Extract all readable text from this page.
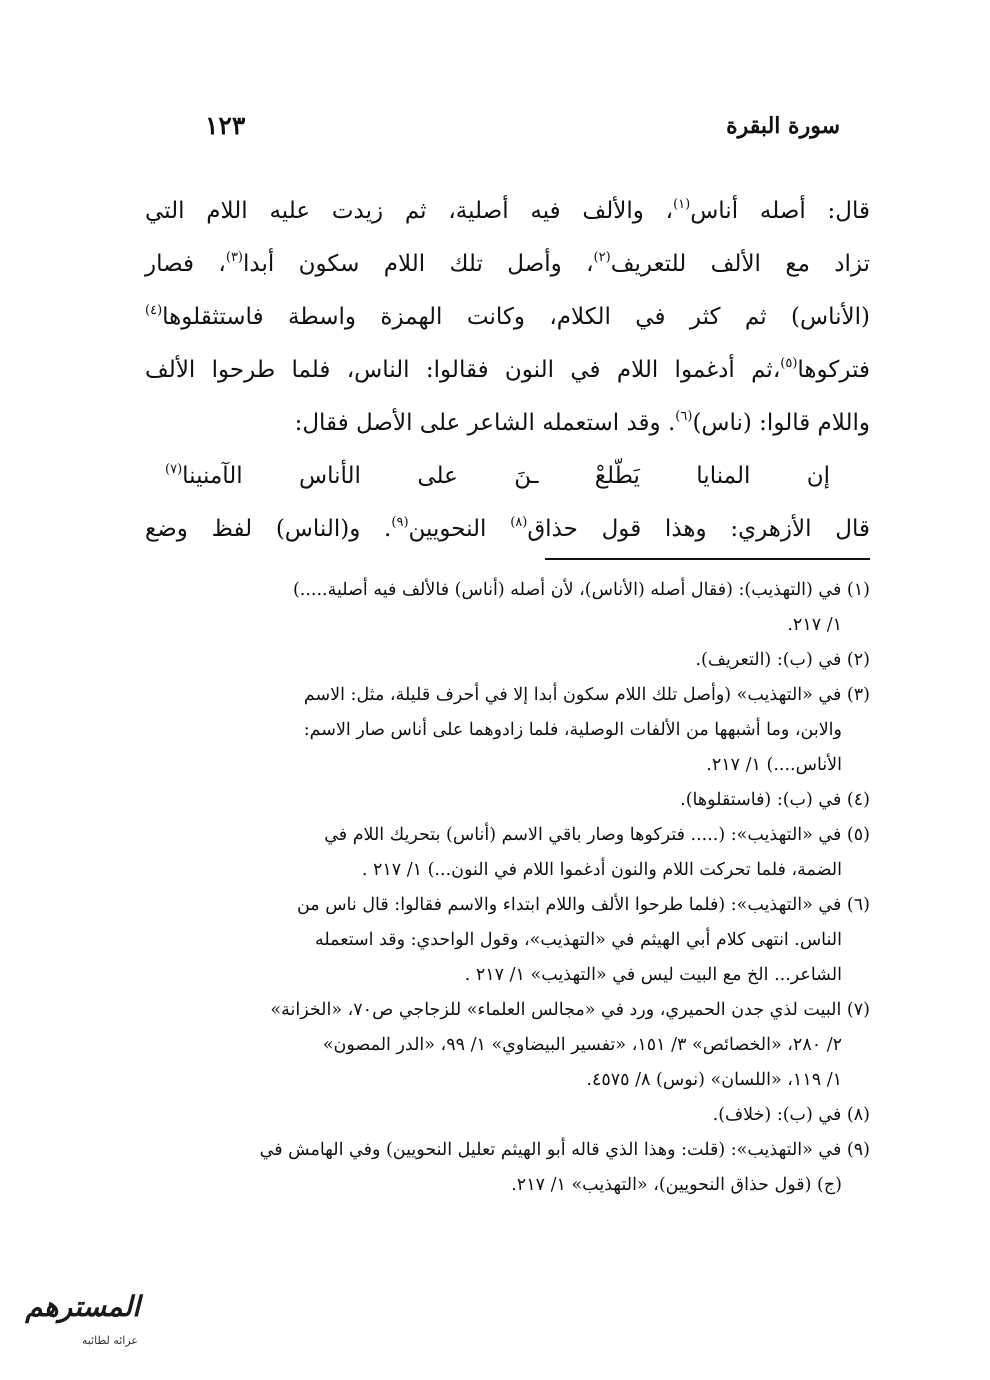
سورة البقرة
١٢٣
قال: أصله أناس$^{(١)}$، والألف فيه أصلية، ثم زيدت عليه اللام التي
تزاد مع الألف للتعريف$^{(٢)}$، وأصل تلك اللام سكون أبدا$^{(٣)}$، فصار
(الأناس) ثم كثر في الكلام، وكانت الهمزة واسطة فاستثقلوها$^{(٤)}$
فتركوها$^{(٥)}$،ثم أدغموا اللام في النون فقالوا: الناس، فلما طرحوا الألف
واللام قالوا: (ناس)$^{(٦)}$. وقد استعمله الشاعر على الأصل فقال:
إن المنايا يَطّلعْ ـنَ على الأناس الآمنينا$^{(٧)}$
قال الأزهري: وهذا قول حذاق$^{(٨)}$ النحويين$^{(٩)}$. و(الناس) لفظ وضع
(١) في (التهذيب): (فقال أصله (الأناس)، لأن أصله (أناس) فالألف فيه أصلية.....)
١/ ٢١٧.
(٢) في (ب): (التعريف).
(٣) في «التهذيب» (وأصل تلك اللام سكون أبدا إلا في أحرف قليلة، مثل: الاسم
والابن، وما أشبهها من الألفات الوصلية، فلما زادوهما على أناس صار الاسم:
الأناس....) ١/ ٢١٧.
(٤) في (ب): (فاستقلوها).
(٥) في «التهذيب»: (..... فتركوها وصار باقي الاسم (أناس) بتحريك اللام في
الضمة، فلما تحركت اللام والنون أدغموا اللام في النون...) ١/ ٢١٧ .
(٦) في «التهذيب»: (فلما طرحوا الألف واللام ابتداء والاسم فقالوا: قال ناس من
الناس. انتهى كلام أبي الهيثم في «التهذيب»، وقول الواحدي: وقد استعمله
الشاعر... الخ مع البيت ليس في «التهذيب» ١/ ٢١٧ .
(٧) البيت لذي جدن الحميري، ورد في «مجالس العلماء» للزجاجي ص٧٠، «الخزانة»
٢/ ٢٨٠، «الخصائص» ٣/ ١٥١، «تفسير البيضاوي» ١/ ٩٩، «الدر المصون»
١/ ١١٩، «اللسان» (نوس) ٨/ ٤٥٧٥.
(٨) في (ب): (خلاف).
(٩) في «التهذيب»: (قلت: وهذا الذي قاله أبو الهيثم تعليل النحويين) وفي الهامش في
(ج) (قول حذاق النحويين)، «التهذيب» ١/ ٢١٧.
المسترهم
عزائه لطائبه
